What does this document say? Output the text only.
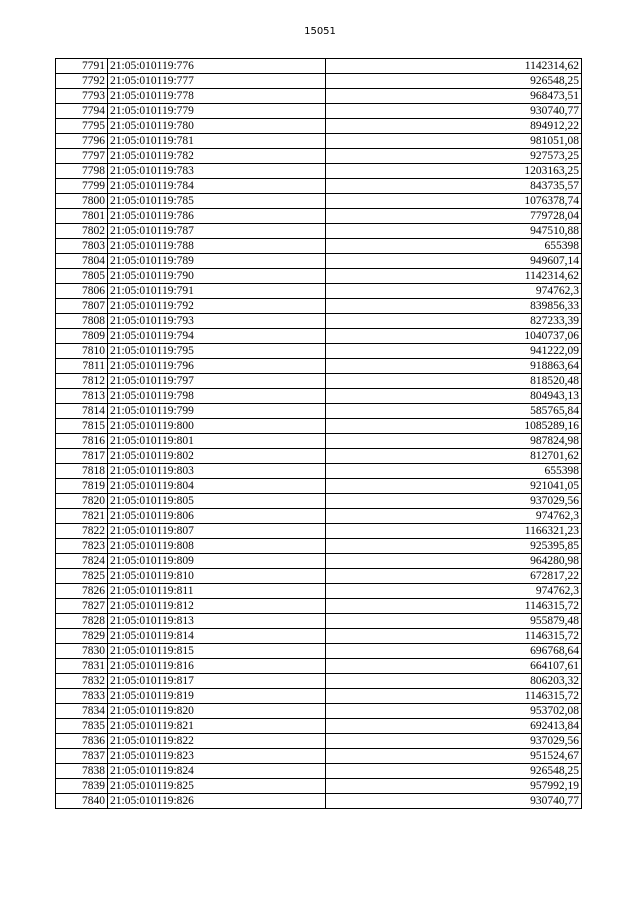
15051
7791	21:05:010119:776	1142314,62
7792	21:05:010119:777	926548,25
7793	21:05:010119:778	968473,51
7794	21:05:010119:779	930740,77
7795	21:05:010119:780	894912,22
7796	21:05:010119:781	981051,08
7797	21:05:010119:782	927573,25
7798	21:05:010119:783	1203163,25
7799	21:05:010119:784	843735,57
7800	21:05:010119:785	1076378,74
7801	21:05:010119:786	779728,04
7802	21:05:010119:787	947510,88
7803	21:05:010119:788	655398
7804	21:05:010119:789	949607,14
7805	21:05:010119:790	1142314,62
7806	21:05:010119:791	974762,3
7807	21:05:010119:792	839856,33
7808	21:05:010119:793	827233,39
7809	21:05:010119:794	1040737,06
7810	21:05:010119:795	941222,09
7811	21:05:010119:796	918863,64
7812	21:05:010119:797	818520,48
7813	21:05:010119:798	804943,13
7814	21:05:010119:799	585765,84
7815	21:05:010119:800	1085289,16
7816	21:05:010119:801	987824,98
7817	21:05:010119:802	812701,62
7818	21:05:010119:803	655398
7819	21:05:010119:804	921041,05
7820	21:05:010119:805	937029,56
7821	21:05:010119:806	974762,3
7822	21:05:010119:807	1166321,23
7823	21:05:010119:808	925395,85
7824	21:05:010119:809	964280,98
7825	21:05:010119:810	672817,22
7826	21:05:010119:811	974762,3
7827	21:05:010119:812	1146315,72
7828	21:05:010119:813	955879,48
7829	21:05:010119:814	1146315,72
7830	21:05:010119:815	696768,64
7831	21:05:010119:816	664107,61
7832	21:05:010119:817	806203,32
7833	21:05:010119:819	1146315,72
7834	21:05:010119:820	953702,08
7835	21:05:010119:821	692413,84
7836	21:05:010119:822	937029,56
7837	21:05:010119:823	951524,67
7838	21:05:010119:824	926548,25
7839	21:05:010119:825	957992,19
7840	21:05:010119:826	930740,77
